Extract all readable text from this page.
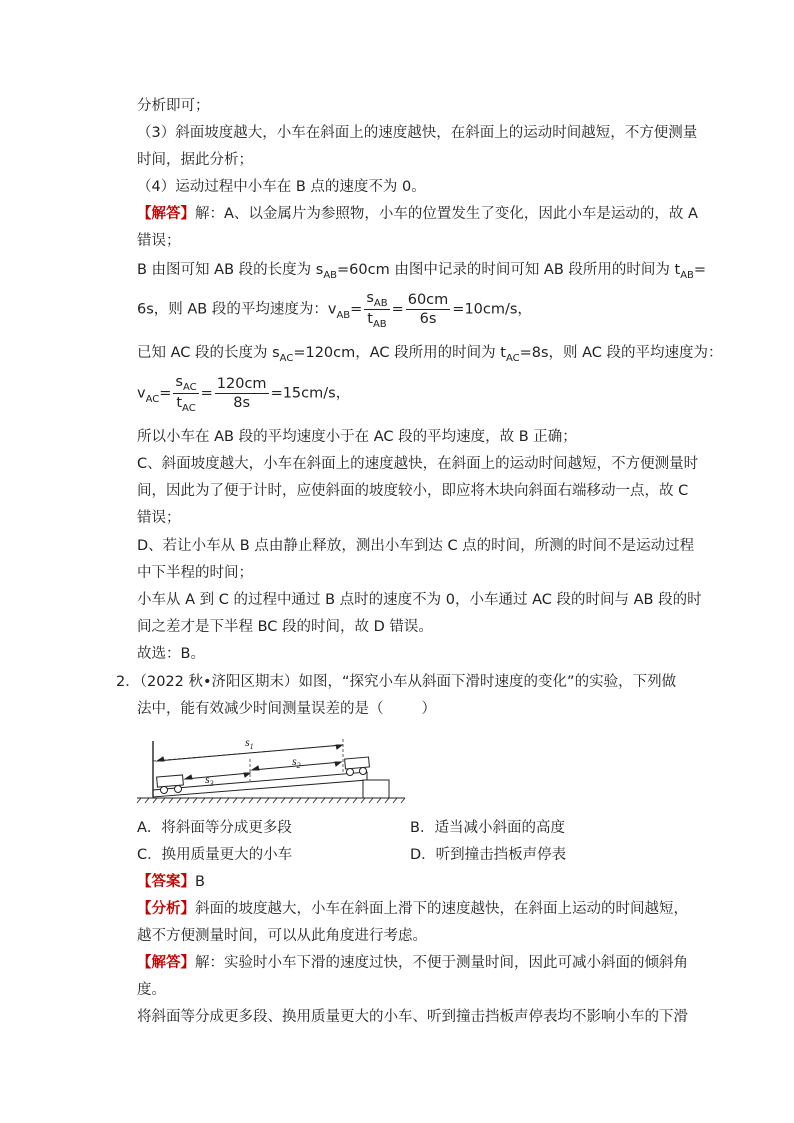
分析即可；
（3）斜面坡度越大，小车在斜面上的速度越快，在斜面上的运动时间越短，不方便测量
时间，据此分析；
（4）运动过程中小车在 B 点的速度不为 0。
【解答】解：A、以金属片为参照物，小车的位置发生了变化，因此小车是运动的，故 A
错误；
B 由图可知 AB 段的长度为 $s_{AB}=60cm$ 由图中记录的时间可知 AB 段所用的时间为 $t_{AB}=$
6s，则 AB 段的平均速度为：$v_{AB}= \frac{s_{AB}}{t_{AB}} = \frac{60cm}{6s} =10cm/s$，
已知 AC 段的长度为 $s_{AC}=120cm$，AC 段所用的时间为 $t_{AC}=8s$，则 AC 段的平均速度为：
$v_{AC}= \frac{s_{AC}}{t_{AC}} = \frac{120cm}{8s} =15cm/s$，
所以小车在 AB 段的平均速度小于在 AC 段的平均速度，故 B 正确；
C、斜面坡度越大，小车在斜面上的速度越快，在斜面上的运动时间越短，不方便测量时
间，因此为了便于计时，应使斜面的坡度较小，即应将木块向斜面右端移动一点，故 C
错误；
D、若让小车从 B 点由静止释放，测出小车到达 C 点的时间，所测的时间不是运动过程
中下半程的时间；
小车从 A 到 C 的过程中通过 B 点时的速度不为 0，小车通过 AC 段的时间与 AB 段的时
间之差才是下半程 BC 段的时间，故 D 错误。
故选：B。
2．（2022 秋•济阳区期末）如图，“探究小车从斜面下滑时速度的变化”的实验，下列做
法中，能有效减少时间测量误差的是（	）
$s_1$
$s_2$
$s_3$
A．将斜面等分成更多段	B．适当减小斜面的高度
C．换用质量更大的小车	D．听到撞击挡板声停表
【答案】B
【分析】斜面的坡度越大，小车在斜面上滑下的速度越快，在斜面上运动的时间越短，
越不方便测量时间，可以从此角度进行考虑。
【解答】解：实验时小车下滑的速度过快，不便于测量时间，因此可减小斜面的倾斜角
度。
将斜面等分成更多段、换用质量更大的小车、听到撞击挡板声停表均不影响小车的下滑
